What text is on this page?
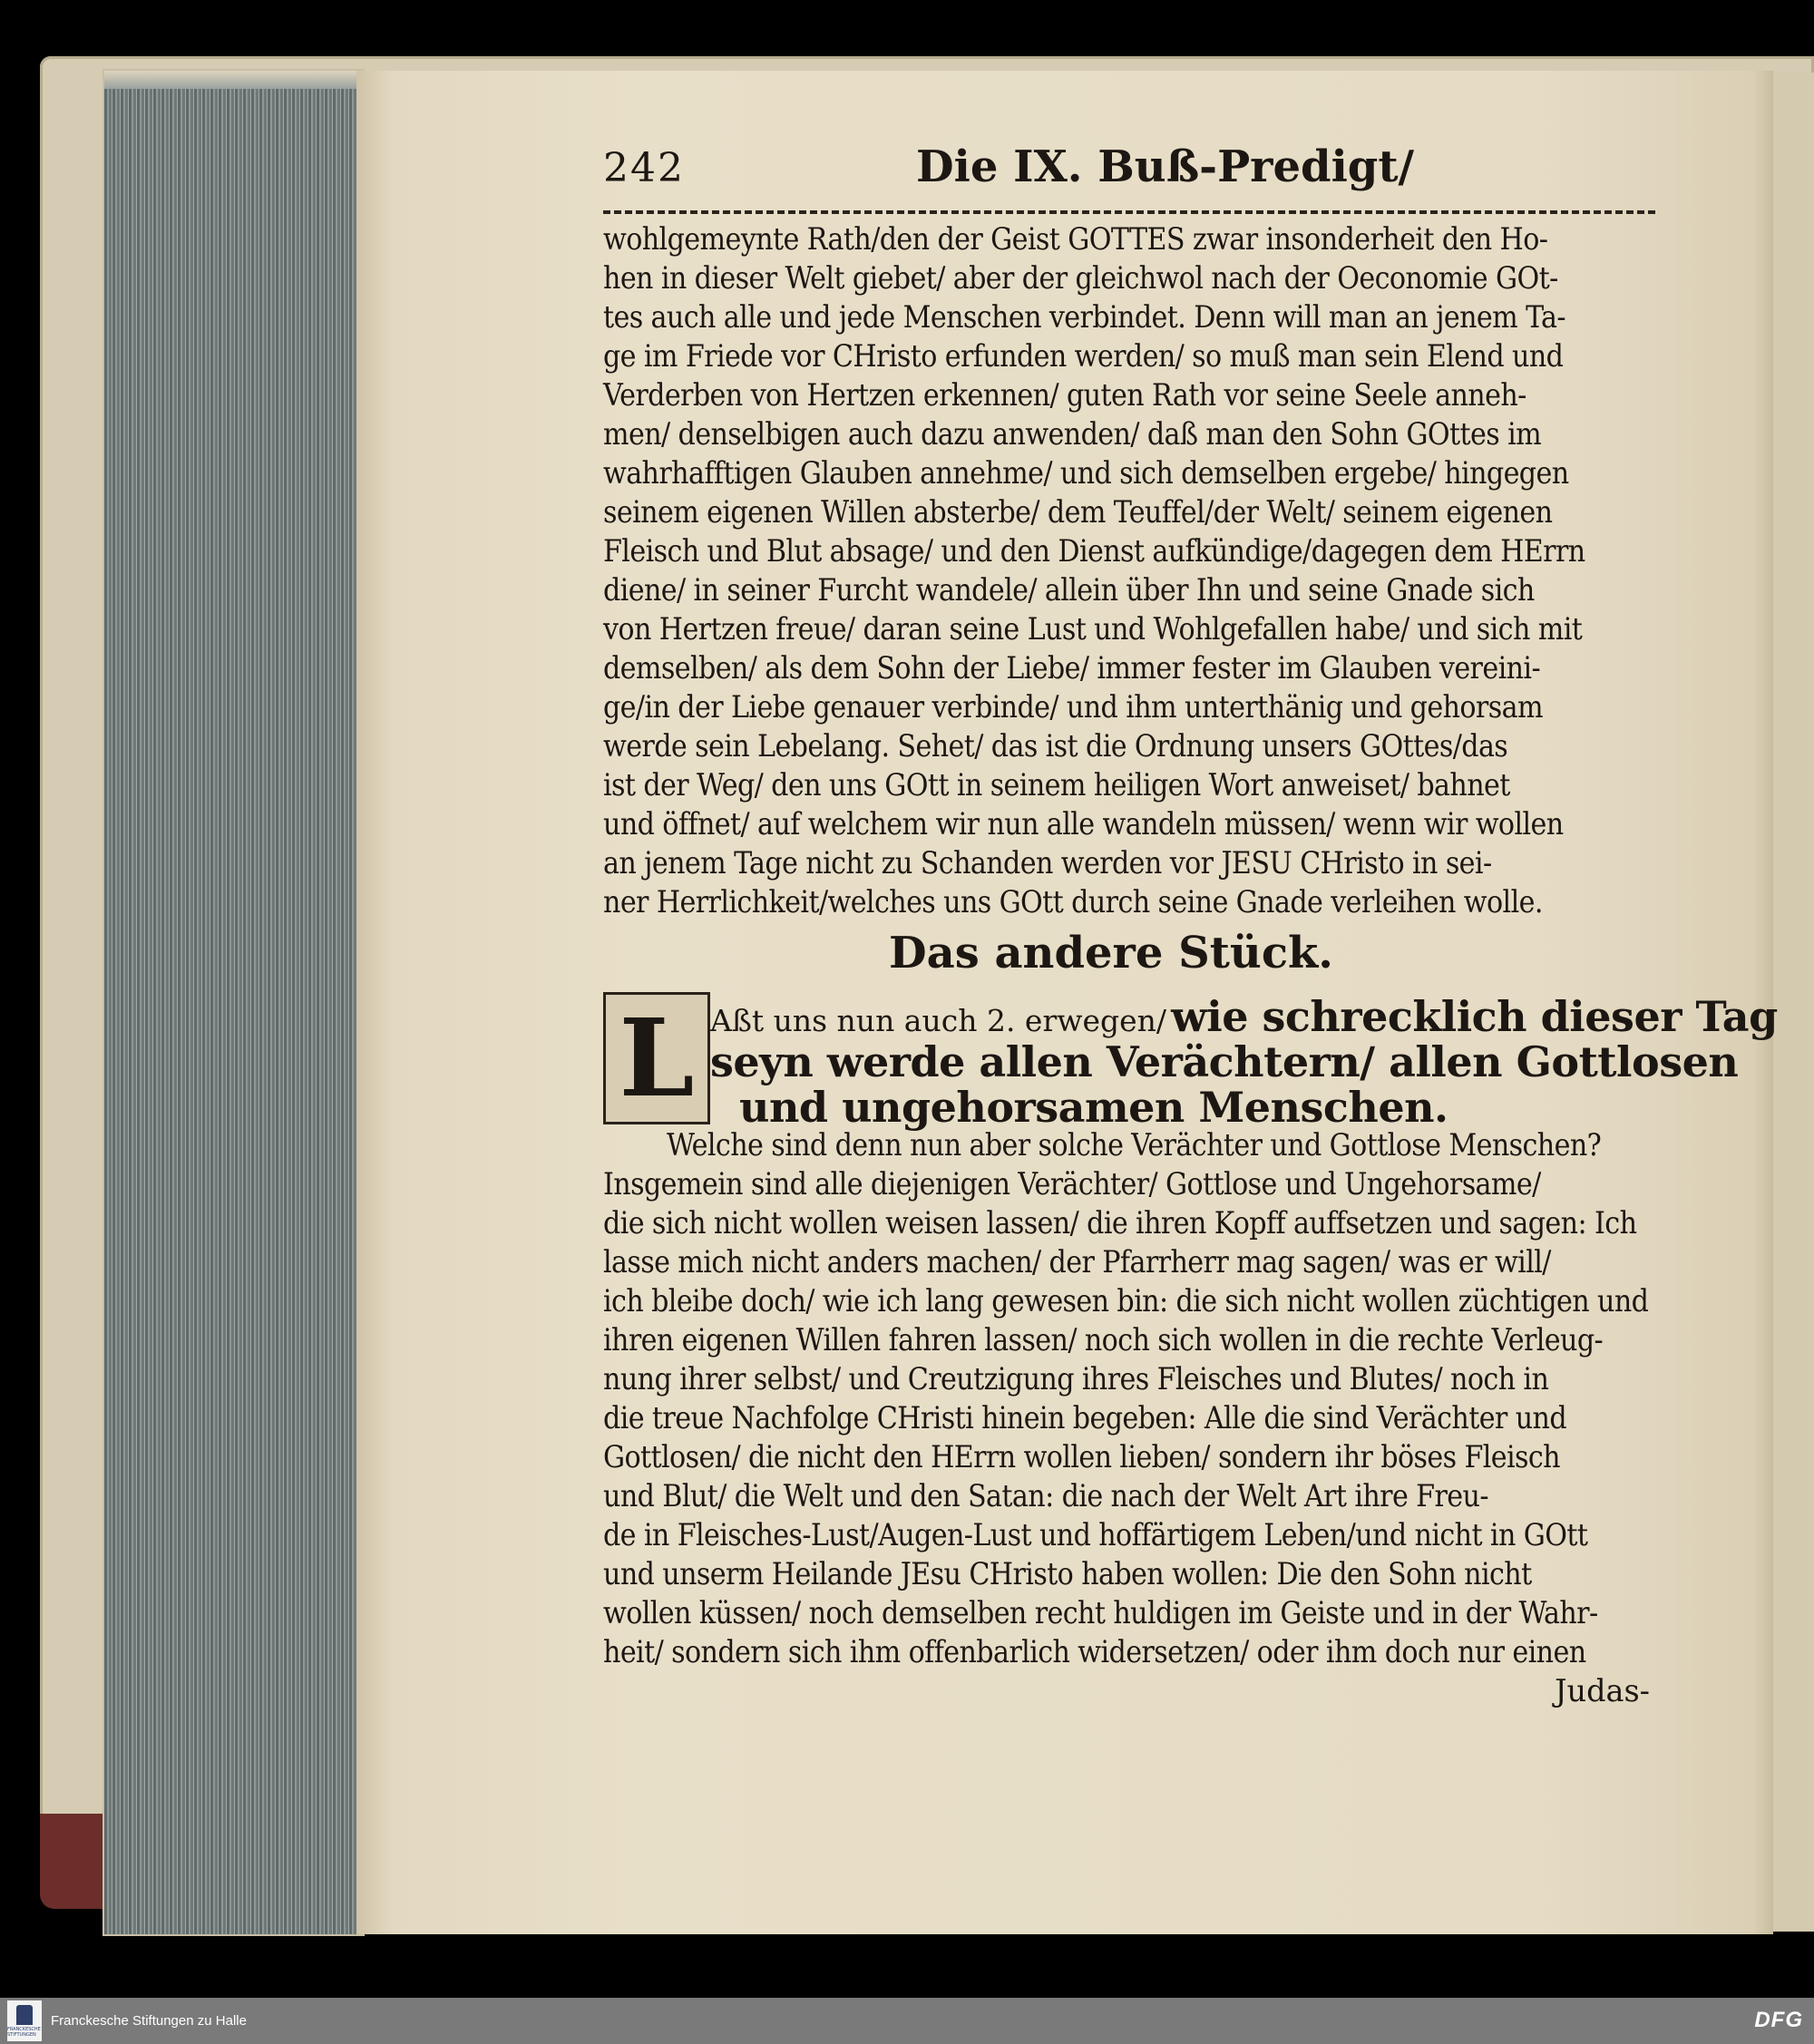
242	Die IX. Buß-Predigt/
wohlgemeynte Rath/den der Geist GOTTES zwar insonderheit den Ho-
hen in dieser Welt giebet/ aber der gleichwol nach der Oeconomie GOt-
tes auch alle und jede Menschen verbindet. Denn will man an jenem Ta-
ge im Friede vor CHristo erfunden werden/ so muß man sein Elend und
Verderben von Hertzen erkennen/ guten Rath vor seine Seele anneh-
men/ denselbigen auch dazu anwenden/ daß man den Sohn GOttes im
wahrhafftigen Glauben annehme/ und sich demselben ergebe/ hingegen
seinem eigenen Willen absterbe/ dem Teuffel/der Welt/ seinem eigenen
Fleisch und Blut absage/ und den Dienst aufkündige/dagegen dem HErrn
diene/ in seiner Furcht wandele/ allein über Ihn und seine Gnade sich
von Hertzen freue/ daran seine Lust und Wohlgefallen habe/ und sich mit
demselben/ als dem Sohn der Liebe/ immer fester im Glauben vereini-
ge/in der Liebe genauer verbinde/ und ihm unterthänig und gehorsam
werde sein Lebelang. Sehet/ das ist die Ordnung unsers GOttes/das
ist der Weg/ den uns GOtt in seinem heiligen Wort anweiset/ bahnet
und öffnet/ auf welchem wir nun alle wandeln müssen/ wenn wir wollen
an jenem Tage nicht zu Schanden werden vor JESU CHristo in sei-
ner Herrlichkeit/welches uns GOtt durch seine Gnade verleihen wolle.
Das andere Stück.
L Aßt uns nun auch 2. erwegen/ wie schrecklich dieser Tag
seyn werde allen Verächtern/ allen Gottlosen
und ungehorsamen Menschen.
Welche sind denn nun aber solche Verächter und Gottlose Menschen?
Insgemein sind alle diejenigen Verächter/ Gottlose und Ungehorsame/
die sich nicht wollen weisen lassen/ die ihren Kopff auffsetzen und sagen: Ich
lasse mich nicht anders machen/ der Pfarrherr mag sagen/ was er will/
ich bleibe doch/ wie ich lang gewesen bin: die sich nicht wollen züchtigen und
ihren eigenen Willen fahren lassen/ noch sich wollen in die rechte Verleug-
nung ihrer selbst/ und Creutzigung ihres Fleisches und Blutes/ noch in
die treue Nachfolge CHristi hinein begeben: Alle die sind Verächter und
Gottlosen/ die nicht den HErrn wollen lieben/ sondern ihr böses Fleisch
und Blut/ die Welt und den Satan: die nach der Welt Art ihre Freu-
de in Fleisches-Lust/Augen-Lust und hoffärtigem Leben/und nicht in GOtt
und unserm Heilande JEsu CHristo haben wollen: Die den Sohn nicht
wollen küssen/ noch demselben recht huldigen im Geiste und in der Wahr-
heit/ sondern sich ihm offenbarlich widersetzen/ oder ihm doch nur einen
Judas-
FRANCKESCHE STIFTUNGEN
Franckesche Stiftungen zu Halle	DFG
